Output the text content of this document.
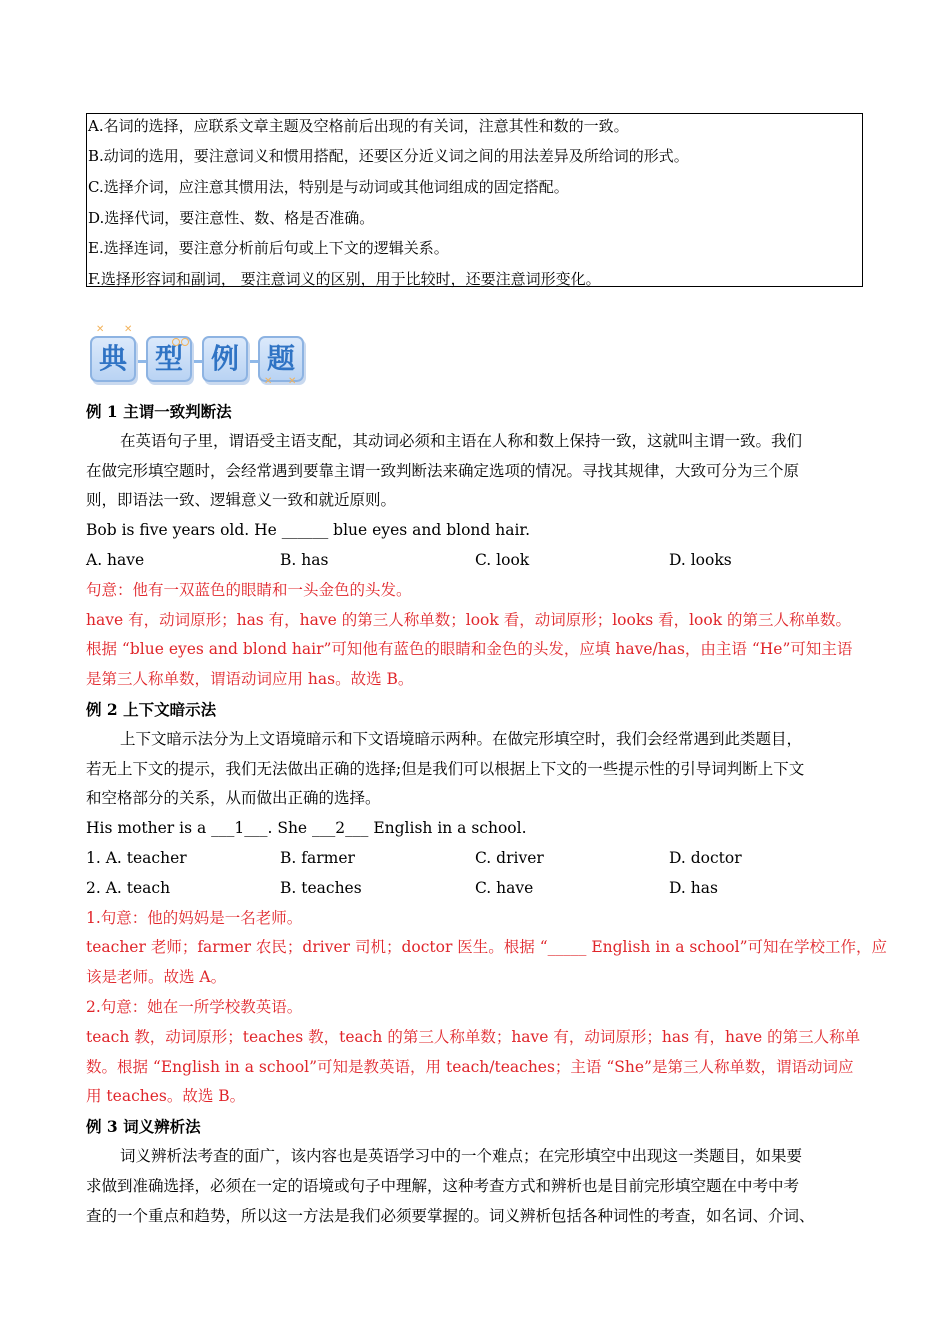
A.名词的选择，应联系文章主题及空格前后出现的有关词，注意其性和数的一致。
B.动词的选用，要注意词义和惯用搭配，还要区分近义词之间的用法差异及所给词的形式。
C.选择介词，应注意其惯用法，特别是与动词或其他词组成的固定搭配。
D.选择代词，要注意性、数、格是否准确。
E.选择连词，要注意分析前后句或上下文的逻辑关系。
F.选择形容词和副词， 要注意词义的区别，用于比较时，还要注意词形变化。
典 型 例 题
✕ ✕
✕ ✕
例 1 主谓一致判断法
在英语句子里，谓语受主语支配，其动词必须和主语在人称和数上保持一致，这就叫主谓一致。我们
在做完形填空题时，会经常遇到要靠主谓一致判断法来确定选项的情况。寻找其规律，大致可分为三个原
则，即语法一致、逻辑意义一致和就近原则。
Bob is five years old. He ______ blue eyes and blond hair.
A. have	B. has	C. look	D. looks
句意：他有一双蓝色的眼睛和一头金色的头发。
have 有，动词原形；has 有，have 的第三人称单数；look 看，动词原形；looks 看，look 的第三人称单数。
根据 “blue eyes and blond hair”可知他有蓝色的眼睛和金色的头发，应填 have/has，由主语 “He”可知主语
是第三人称单数，谓语动词应用 has。故选 B。
例 2 上下文暗示法
上下文暗示法分为上文语境暗示和下文语境暗示两种。在做完形填空时，我们会经常遇到此类题目，
若无上下文的提示，我们无法做出正确的选择;但是我们可以根据上下文的一些提示性的引导词判断上下文
和空格部分的关系，从而做出正确的选择。
His mother is a ___1___. She ___2___ English in a school.
1. A. teacher	B. farmer	C. driver	D. doctor
2. A. teach	B. teaches	C. have	D. has
1.句意：他的妈妈是一名老师。
teacher 老师；farmer 农民；driver 司机；doctor 医生。根据 “_____ English in a school”可知在学校工作，应
该是老师。故选 A。
2.句意：她在一所学校教英语。
teach 教，动词原形；teaches 教，teach 的第三人称单数；have 有，动词原形；has 有，have 的第三人称单
数。根据 “English in a school”可知是教英语，用 teach/teaches；主语 “She”是第三人称单数，谓语动词应
用 teaches。故选 B。
例 3 词义辨析法
词义辨析法考查的面广，该内容也是英语学习中的一个难点；在完形填空中出现这一类题目，如果要
求做到准确选择，必须在一定的语境或句子中理解，这种考查方式和辨析也是目前完形填空题在中考中考
查的一个重点和趋势，所以这一方法是我们必须要掌握的。词义辨析包括各种词性的考查，如名词、介词、
